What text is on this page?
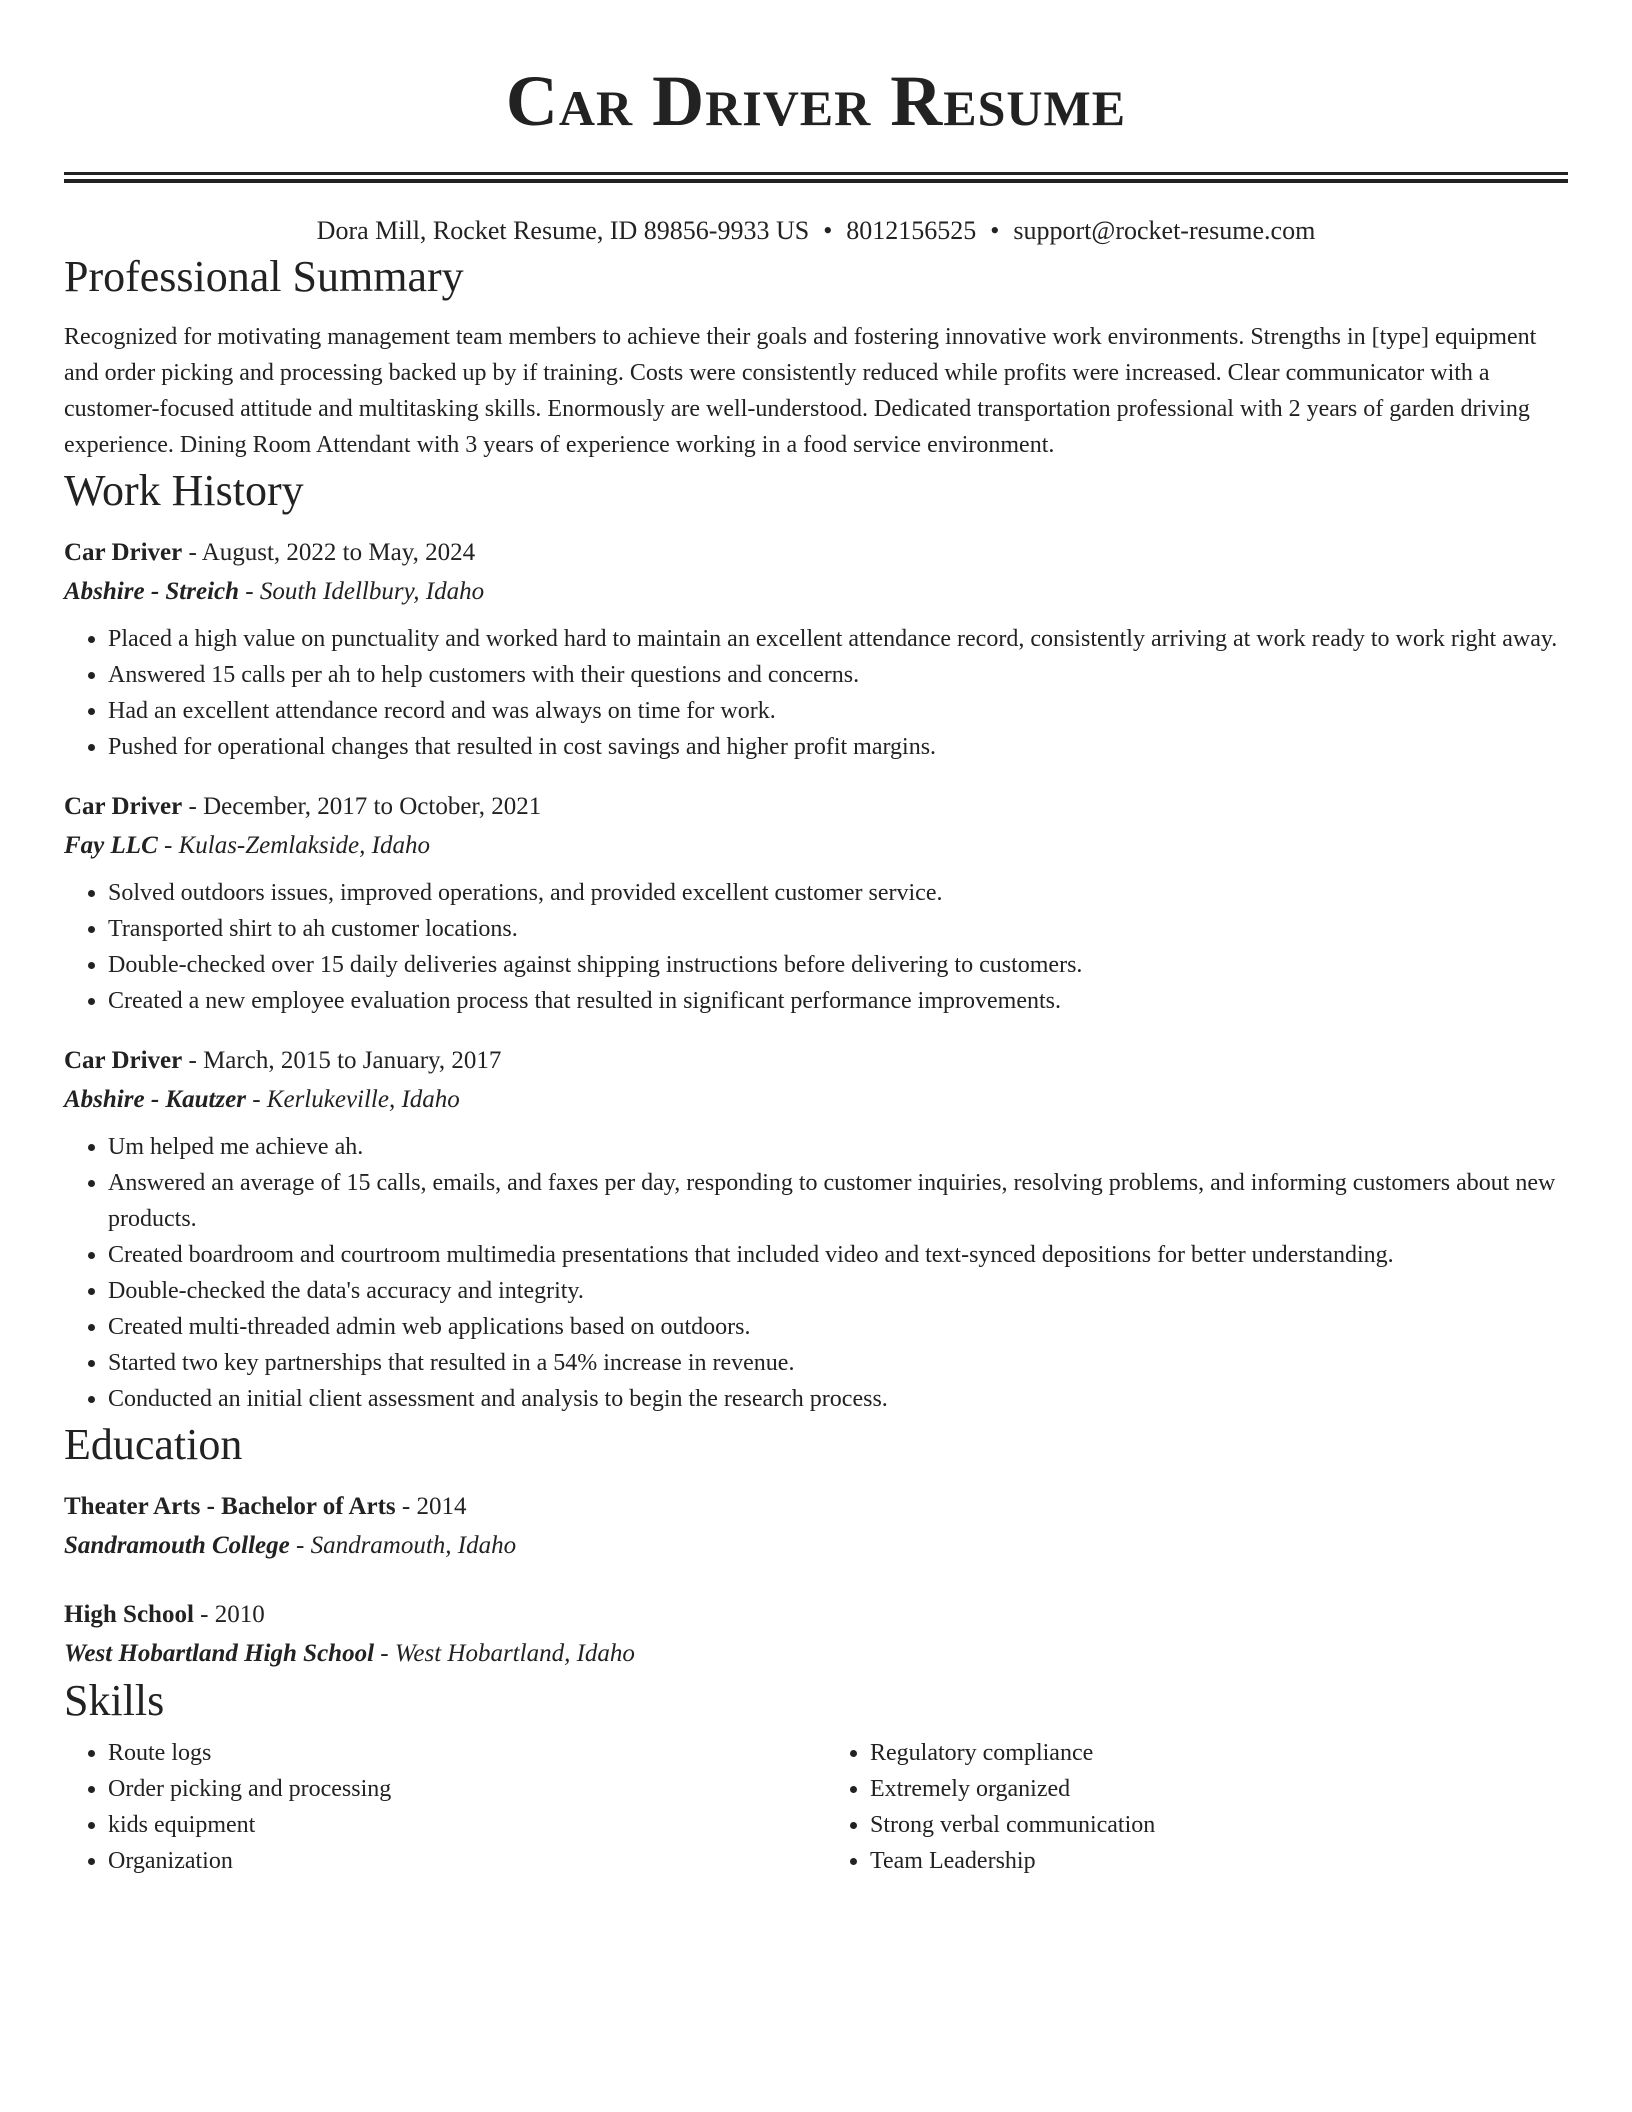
Car Driver Resume
Dora Mill, Rocket Resume, ID 89856-9933 US • 8012156525 • support@rocket-resume.com
Professional Summary

Recognized for motivating management team members to achieve their goals and fostering innovative work environments. Strengths in [type] equipment and order picking and processing backed up by if training. Costs were consistently reduced while profits were increased. Clear communicator with a customer-focused attitude and multitasking skills. Enormously are well-understood. Dedicated transportation professional with 2 years of garden driving experience. Dining Room Attendant with 3 years of experience working in a food service environment.

Work History
Car Driver - August, 2022 to May, 2024
Abshire - Streich - South Idellbury, Idaho
• Placed a high value on punctuality and worked hard to maintain an excellent attendance record, consistently arriving at work ready to work right away.
• Answered 15 calls per ah to help customers with their questions and concerns.
• Had an excellent attendance record and was always on time for work.
• Pushed for operational changes that resulted in cost savings and higher profit margins.
Car Driver - December, 2017 to October, 2021
Fay LLC - Kulas-Zemlakside, Idaho
• Solved outdoors issues, improved operations, and provided excellent customer service.
• Transported shirt to ah customer locations.
• Double-checked over 15 daily deliveries against shipping instructions before delivering to customers.
• Created a new employee evaluation process that resulted in significant performance improvements.
Car Driver - March, 2015 to January, 2017
Abshire - Kautzer - Kerlukeville, Idaho
• Um helped me achieve ah.
• Answered an average of 15 calls, emails, and faxes per day, responding to customer inquiries, resolving problems, and informing customers about new products.
• Created boardroom and courtroom multimedia presentations that included video and text-synced depositions for better understanding.
• Double-checked the data's accuracy and integrity.
• Created multi-threaded admin web applications based on outdoors.
• Started two key partnerships that resulted in a 54% increase in revenue.
• Conducted an initial client assessment and analysis to begin the research process.
Education
Theater Arts - Bachelor of Arts - 2014
Sandramouth College - Sandramouth, Idaho
High School - 2010
West Hobartland High School - West Hobartland, Idaho
Skills
• Route logs
• Order picking and processing
• kids equipment
• Organization
• Regulatory compliance
• Extremely organized
• Strong verbal communication
• Team Leadership
